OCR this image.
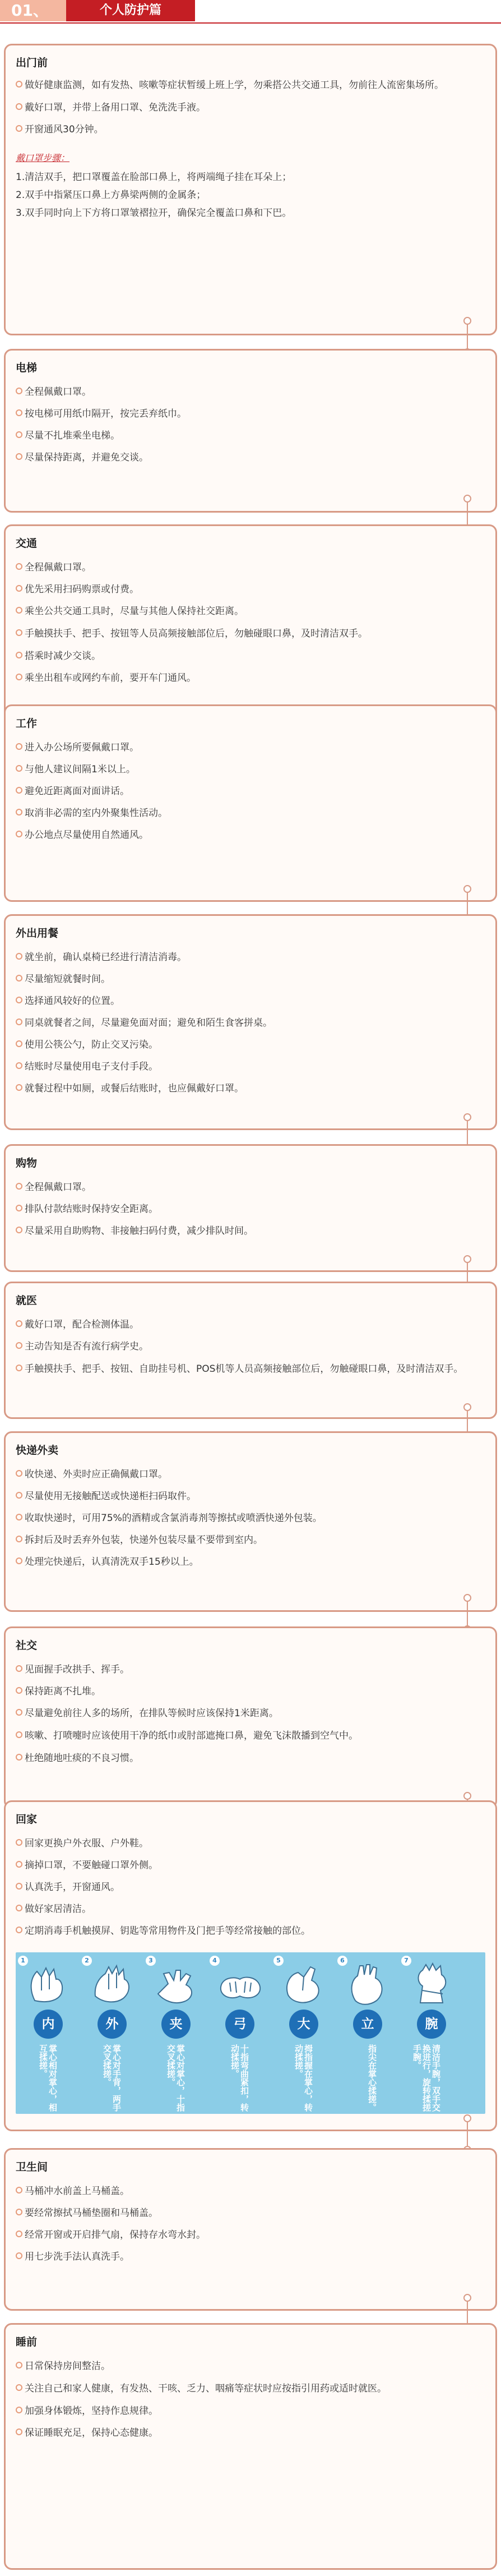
01、	个人防护篇
出门前
做好健康监测，如有发热、咳嗽等症状暂缓上班上学，勿乘搭公共交通工具，勿前往人流密集场所。
戴好口罩，并带上备用口罩、免洗洗手液。
开窗通风30分钟。
戴口罩步骤：
1.清洁双手，把口罩覆盖在脸部口鼻上，将两端绳子挂在耳朵上；
2.双手中指紧压口鼻上方鼻梁两侧的金属条；
3.双手同时向上下方将口罩皱褶拉开，确保完全覆盖口鼻和下巴。
电梯
全程佩戴口罩。
按电梯可用纸巾隔开，按完丢弃纸巾。
尽量不扎堆乘坐电梯。
尽量保持距离，并避免交谈。
交通
全程佩戴口罩。
优先采用扫码购票或付费。
乘坐公共交通工具时，尽量与其他人保持社交距离。
手触摸扶手、把手、按钮等人员高频接触部位后，勿触碰眼口鼻，及时清洁双手。
搭乘时减少交谈。
乘坐出租车或网约车前，要开车门通风。
工作
进入办公场所要佩戴口罩。
与他人建议间隔1米以上。
避免近距离面对面讲话。
取消非必需的室内外聚集性活动。
办公地点尽量使用自然通风。
外出用餐
就坐前，确认桌椅已经进行清洁消毒。
尽量缩短就餐时间。
选择通风较好的位置。
同桌就餐者之间，尽量避免面对面；避免和陌生食客拼桌。
使用公筷公勺，防止交叉污染。
结账时尽量使用电子支付手段。
就餐过程中如厕，或餐后结账时，也应佩戴好口罩。
购物
全程佩戴口罩。
排队付款结账时保持安全距离。
尽量采用自助购物、非接触扫码付费，减少排队时间。
就医
戴好口罩，配合检测体温。
主动告知是否有流行病学史。
手触摸扶手、把手、按钮、自助挂号机、POS机等人员高频接触部位后，勿触碰眼口鼻，及时清洁双手。
快递外卖
收快递、外卖时应正确佩戴口罩。
尽量使用无接触配送或快递柜扫码取件。
收取快递时，可用75%的酒精或含氯消毒剂等擦拭或喷洒快递外包装。
拆封后及时丢弃外包装，快递外包装尽量不要带到室内。
处理完快递后，认真清洗双手15秒以上。
社交
见面握手改拱手、挥手。
保持距离不扎堆。
尽量避免前往人多的场所，在排队等候时应该保持1米距离。
咳嗽、打喷嚏时应该使用干净的纸巾或肘部遮掩口鼻，避免飞沫散播到空气中。
杜绝随地吐痰的不良习惯。
回家
回家更换户外衣服、户外鞋。
摘掉口罩，不要触碰口罩外侧。
认真洗手，开窗通风。
做好家居清洁。
定期消毒手机触摸屏、钥匙等常用物件及门把手等经常接触的部位。
1
内
掌心相对掌心，相互揉搓。
2
外
掌心对手背，两手交叉揉搓。
3
夹
掌心对掌心，十指交叉揉搓。
4
弓
十指弯曲紧扣，转动揉搓。
5
大
拇指握在掌心，转动揉搓。
6
立
指尖在掌心揉搓。
7
腕
清洁手腕，双手交换进行，旋转揉搓手腕。
卫生间
马桶冲水前盖上马桶盖。
要经常擦拭马桶垫圈和马桶盖。
经常开窗或开启排气扇，保持存水弯水封。
用七步洗手法认真洗手。
睡前
日常保持房间整洁。
关注自己和家人健康，有发热、干咳、乏力、咽痛等症状时应按指引用药或适时就医。
加强身体锻炼，坚持作息规律。
保证睡眠充足，保持心态健康。
